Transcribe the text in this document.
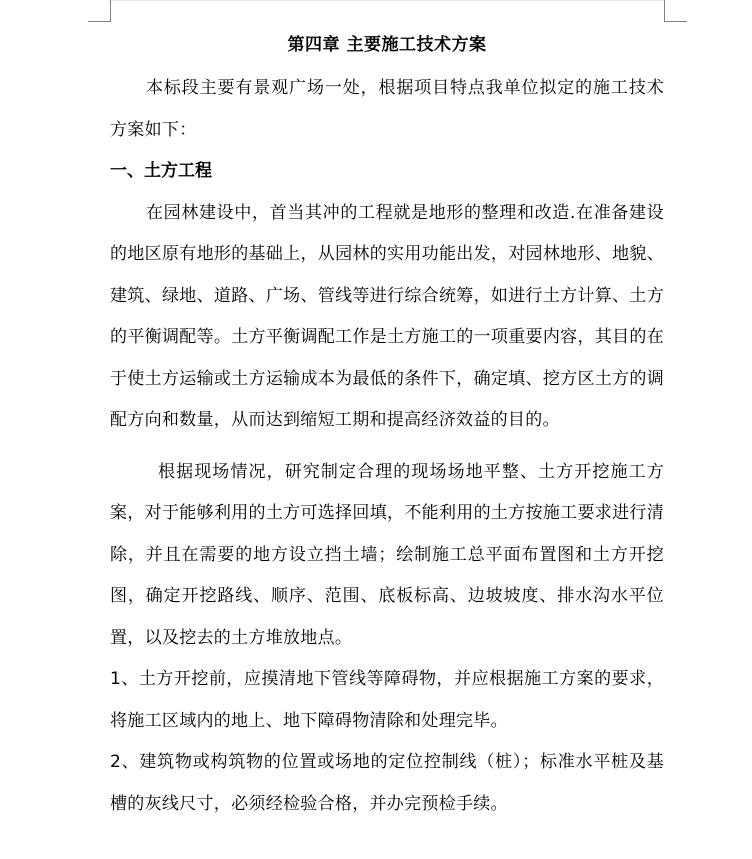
第四章 主要施工技术方案

本标段主要有景观广场一处，根据项目特点我单位拟定的施工技术方案如下：

一、土方工程

在园林建设中，首当其冲的工程就是地形的整理和改造.在准备建设的地区原有地形的基础上，从园林的实用功能出发，对园林地形、地貌、建筑、绿地、道路、广场、管线等进行综合统筹，如进行土方计算、土方的平衡调配等。土方平衡调配工作是土方施工的一项重要内容，其目的在于使土方运输或土方运输成本为最低的条件下，确定填、挖方区土方的调配方向和数量，从而达到缩短工期和提高经济效益的目的。

根据现场情况，研究制定合理的现场场地平整、土方开挖施工方案，对于能够利用的土方可选择回填，不能利用的土方按施工要求进行清除，并且在需要的地方设立挡土墙；绘制施工总平面布置图和土方开挖图，确定开挖路线、顺序、范围、底板标高、边坡坡度、排水沟水平位置，以及挖去的土方堆放地点。

1、土方开挖前，应摸清地下管线等障碍物，并应根据施工方案的要求，将施工区域内的地上、地下障碍物清除和处理完毕。

2、建筑物或构筑物的位置或场地的定位控制线（桩）；标准水平桩及基槽的灰线尺寸，必须经检验合格，并办完预检手续。
